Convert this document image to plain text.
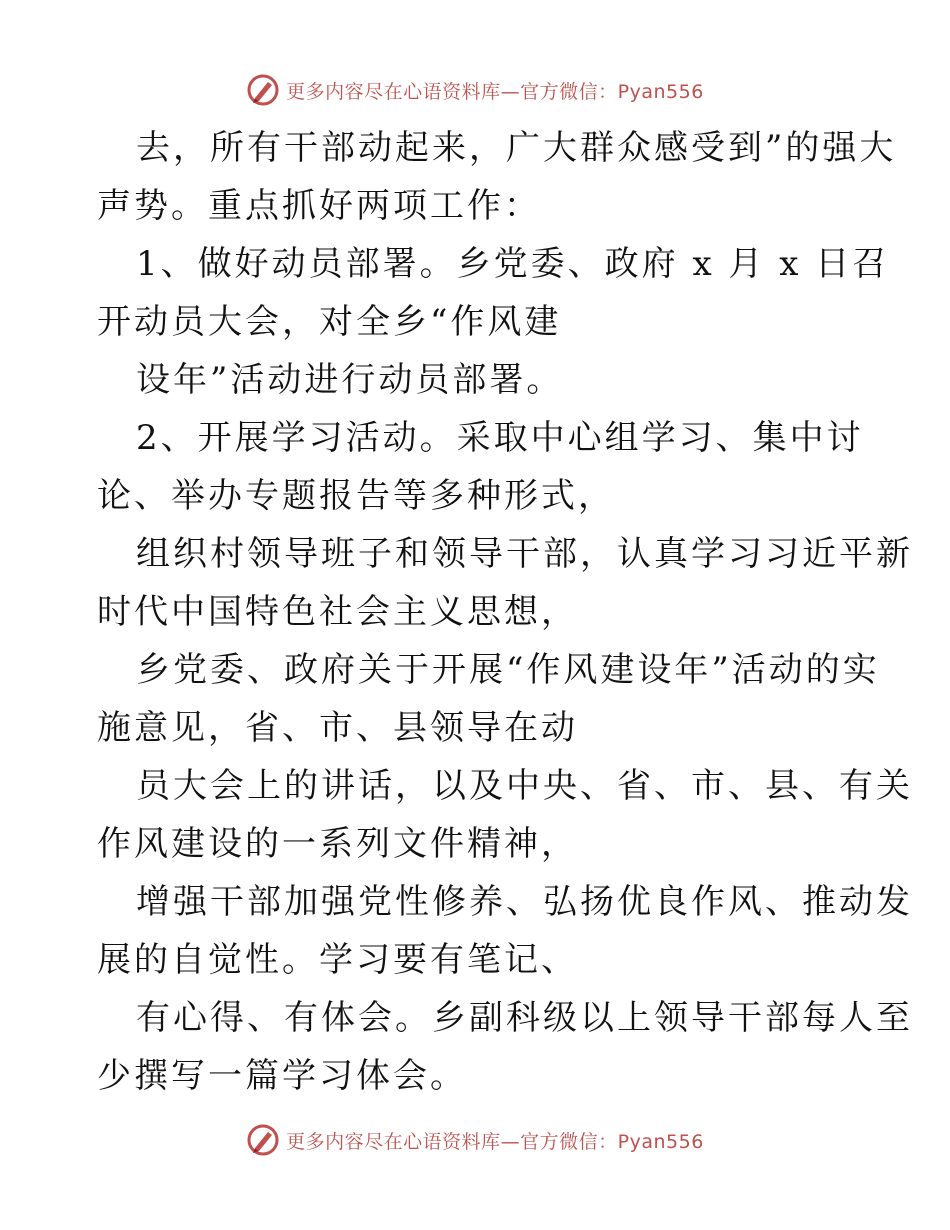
更多内容尽在心语资料库—官方微信：Pyan556
去，所有干部动起来，广大群众感受到”的强大
声势。重点抓好两项工作：
1、做好动员部署。乡党委、政府 x 月 x 日召
开动员大会，对全乡“作风建
设年”活动进行动员部署。
2、开展学习活动。采取中心组学习、集中讨
论、举办专题报告等多种形式，
组织村领导班子和领导干部，认真学习习近平新
时代中国特色社会主义思想，
乡党委、政府关于开展“作风建设年”活动的实
施意见，省、市、县领导在动
员大会上的讲话，以及中央、省、市、县、有关
作风建设的一系列文件精神，
增强干部加强党性修养、弘扬优良作风、推动发
展的自觉性。学习要有笔记、
有心得、有体会。乡副科级以上领导干部每人至
少撰写一篇学习体会。
更多内容尽在心语资料库—官方微信：Pyan556
